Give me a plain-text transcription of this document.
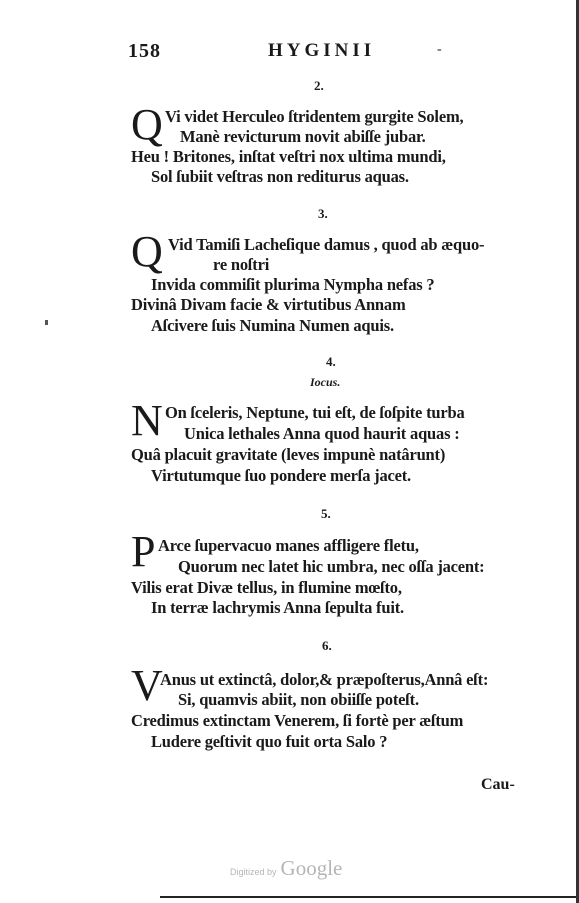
158	HYGINII	-
2.
Q Vi videt Herculeo ſtridentem gurgite Solem,
Manè revicturum novit abiſſe jubar.
Heu ! Britones, inſtat veſtri nox ultima mundi,
Sol ſubiit veſtras non rediturus aquas.
3.
Q Vid Tamiſi Lacheſique damus , quod ab æquo-
re noſtri
Invida commiſit plurima Nympha nefas ?
Divinâ Divam facie & virtutibus Annam
Aſcivere ſuis Numina Numen aquis.
4.
Iocus.
N On ſceleris, Neptune, tui eſt, de ſoſpite turba
Unica lethales Anna quod haurit aquas :
Quâ placuit gravitate (leves impunè natârunt)
Virtutumque ſuo pondere merſa jacet.
5.
P Arce ſupervacuo manes affligere fletu,
Quorum nec latet hic umbra, nec oſſa jacent:
Vilis erat Divæ tellus, in flumine mœſto,
In terræ lachrymis Anna ſepulta fuit.
6.
V
Anus ut extinctâ, dolor,& præpoſterus,Annâ eſt:
Si, quamvis abiit, non obiiſſe poteſt.
Credimus extinctam Venerem, ſi fortè per æſtum
Ludere geſtivit quo fuit orta Salo ?
Cau-
Digitized by Google
